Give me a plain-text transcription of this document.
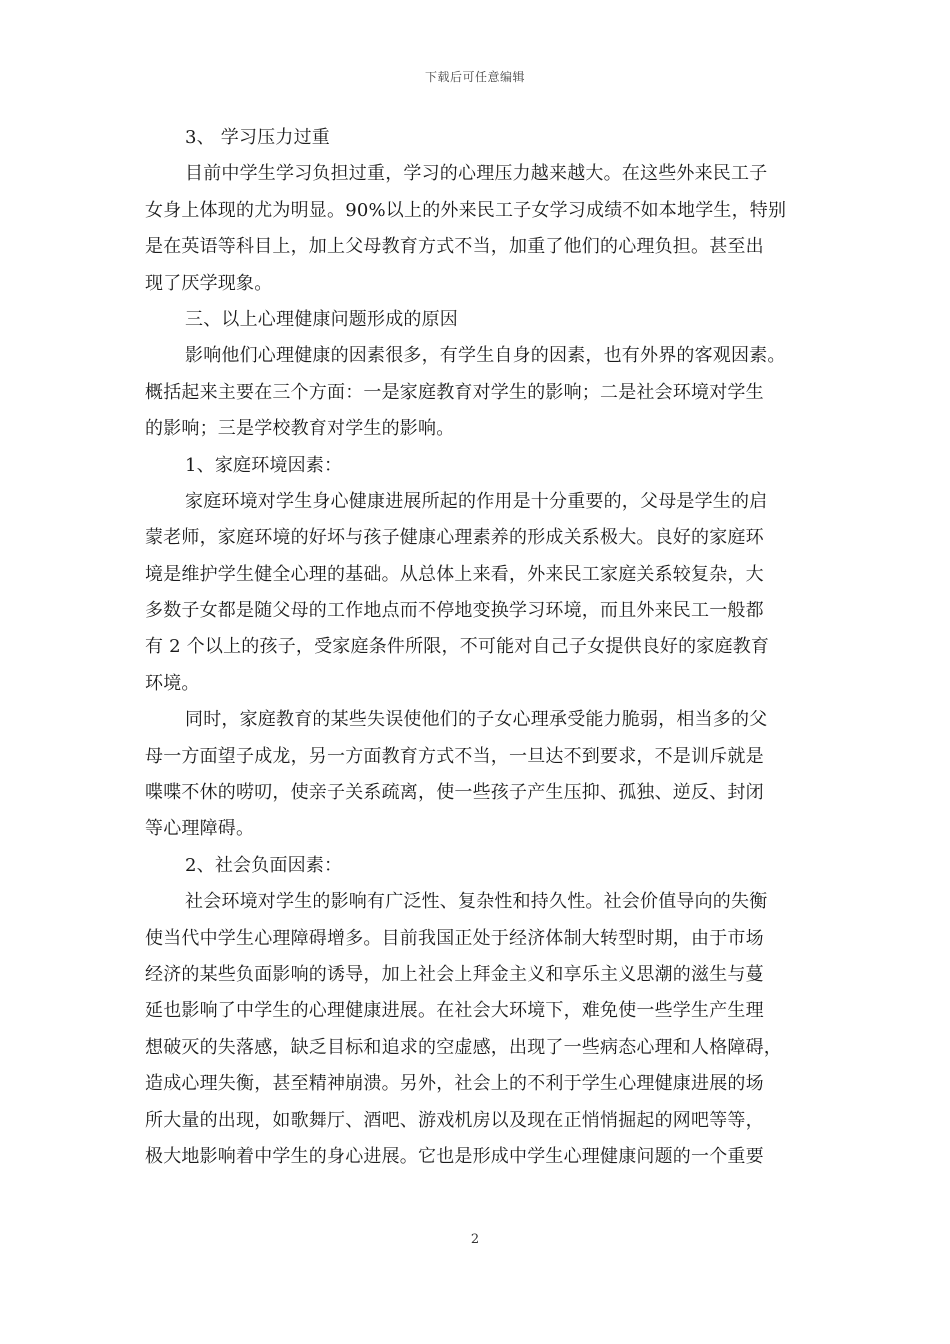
下载后可任意编辑
3、 学习压力过重
目前中学生学习负担过重，学习的心理压力越来越大。在这些外来民工子
女身上体现的尤为明显。90%以上的外来民工子女学习成绩不如本地学生，特别
是在英语等科目上，加上父母教育方式不当，加重了他们的心理负担。甚至出
现了厌学现象。
三、以上心理健康问题形成的原因
影响他们心理健康的因素很多，有学生自身的因素，也有外界的客观因素。
概括起来主要在三个方面：一是家庭教育对学生的影响；二是社会环境对学生
的影响；三是学校教育对学生的影响。
1、家庭环境因素：
家庭环境对学生身心健康进展所起的作用是十分重要的，父母是学生的启
蒙老师，家庭环境的好坏与孩子健康心理素养的形成关系极大。良好的家庭环
境是维护学生健全心理的基础。从总体上来看，外来民工家庭关系较复杂，大
多数子女都是随父母的工作地点而不停地变换学习环境，而且外来民工一般都
有 2 个以上的孩子，受家庭条件所限，不可能对自己子女提供良好的家庭教育
环境。
同时，家庭教育的某些失误使他们的子女心理承受能力脆弱，相当多的父
母一方面望子成龙，另一方面教育方式不当，一旦达不到要求，不是训斥就是
喋喋不休的唠叨，使亲子关系疏离，使一些孩子产生压抑、孤独、逆反、封闭
等心理障碍。
2、社会负面因素：
社会环境对学生的影响有广泛性、复杂性和持久性。社会价值导向的失衡
使当代中学生心理障碍增多。目前我国正处于经济体制大转型时期，由于市场
经济的某些负面影响的诱导，加上社会上拜金主义和享乐主义思潮的滋生与蔓
延也影响了中学生的心理健康进展。在社会大环境下，难免使一些学生产生理
想破灭的失落感，缺乏目标和追求的空虚感，出现了一些病态心理和人格障碍，
造成心理失衡，甚至精神崩溃。另外，社会上的不利于学生心理健康进展的场
所大量的出现，如歌舞厅、酒吧、游戏机房以及现在正悄悄掘起的网吧等等，
极大地影响着中学生的身心进展。它也是形成中学生心理健康问题的一个重要
2
